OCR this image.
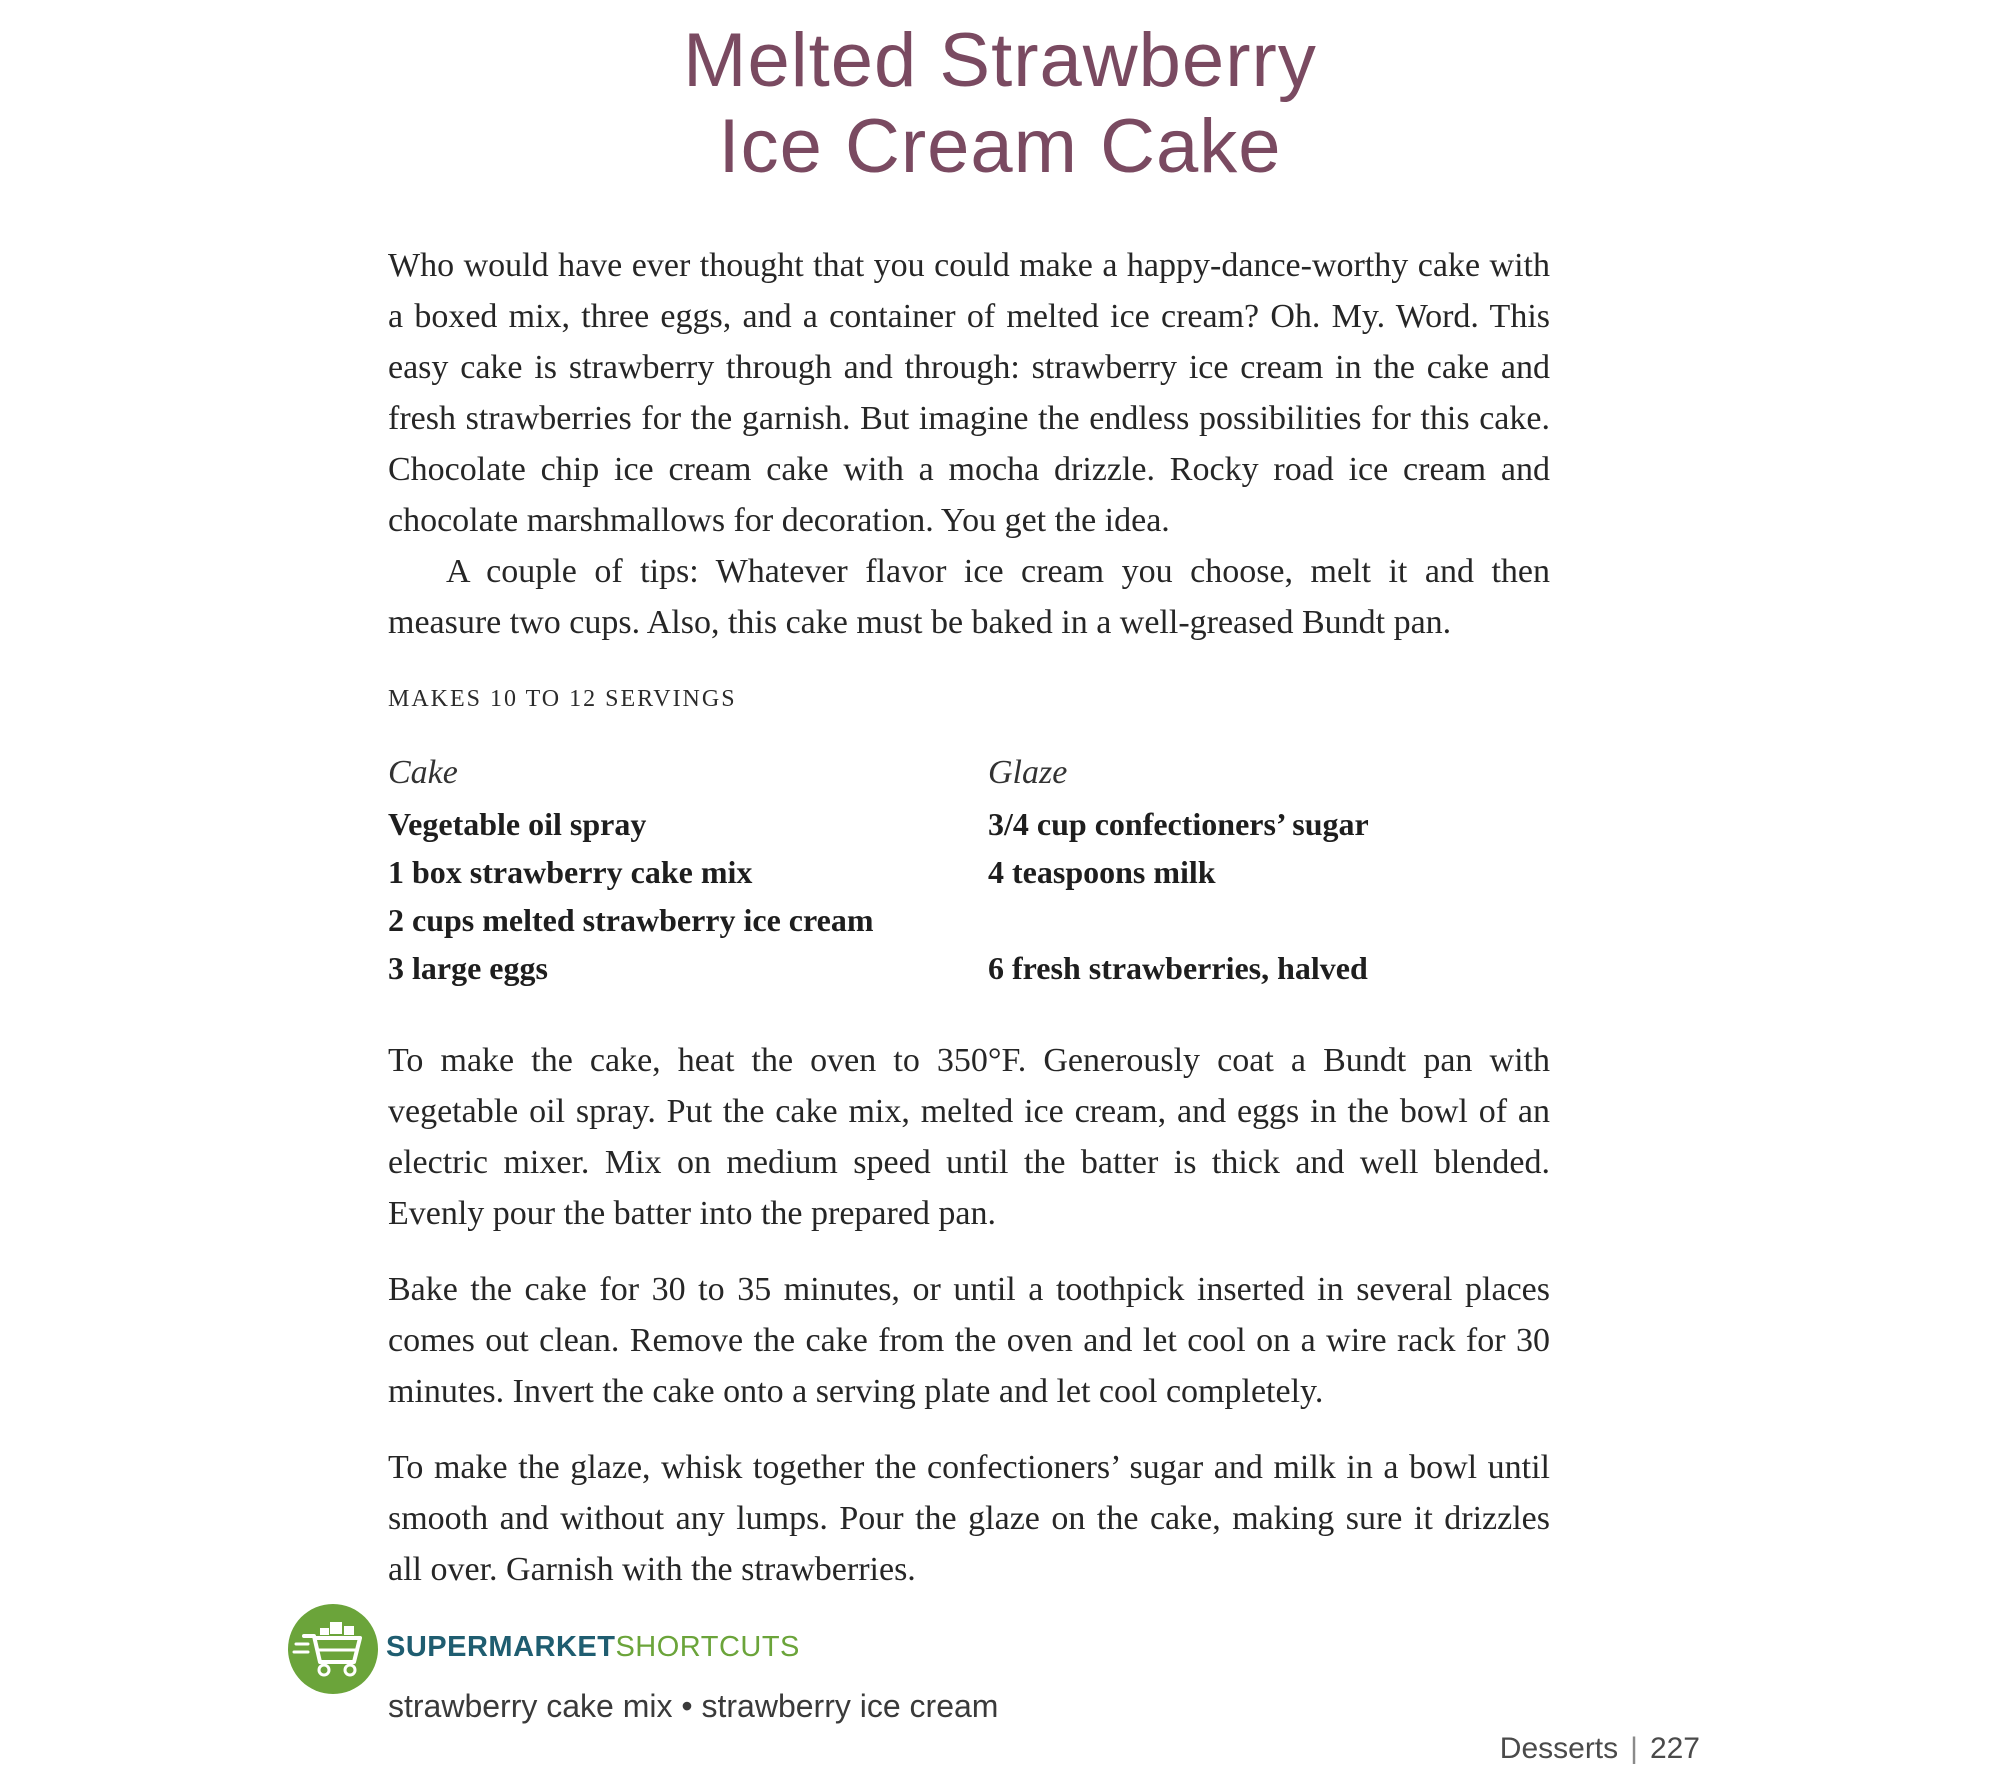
Melted Strawberry
Ice Cream Cake

Who would have ever thought that you could make a happy-dance-worthy cake with a boxed mix, three eggs, and a container of melted ice cream? Oh. My. Word. This easy cake is strawberry through and through: strawberry ice cream in the cake and fresh strawberries for the garnish. But imagine the endless possibilities for this cake. Chocolate chip ice cream cake with a mocha drizzle. Rocky road ice cream and chocolate marshmallows for decoration. You get the idea.

A couple of tips: Whatever flavor ice cream you choose, melt it and then measure two cups. Also, this cake must be baked in a well-greased Bundt pan.

MAKES 10 TO 12 SERVINGS

Cake

Vegetable oil spray

1 box strawberry cake mix

2 cups melted strawberry ice cream

3 large eggs

Glaze

3/4 cup confectioners’ sugar

4 teaspoons milk

6 fresh strawberries, halved

To make the cake, heat the oven to 350°F. Generously coat a Bundt pan with vegetable oil spray. Put the cake mix, melted ice cream, and eggs in the bowl of an electric mixer. Mix on medium speed until the batter is thick and well blended. Evenly pour the batter into the prepared pan.

Bake the cake for 30 to 35 minutes, or until a toothpick inserted in several places comes out clean. Remove the cake from the oven and let cool on a wire rack for 30 minutes. Invert the cake onto a serving plate and let cool completely.

To make the glaze, whisk together the confectioners’ sugar and milk in a bowl until smooth and without any lumps. Pour the glaze on the cake, making sure it drizzles all over. Garnish with the strawberries.

SUPERMARKETSHORTCUTS
strawberry cake mix • strawberry ice cream
Desserts | 227
